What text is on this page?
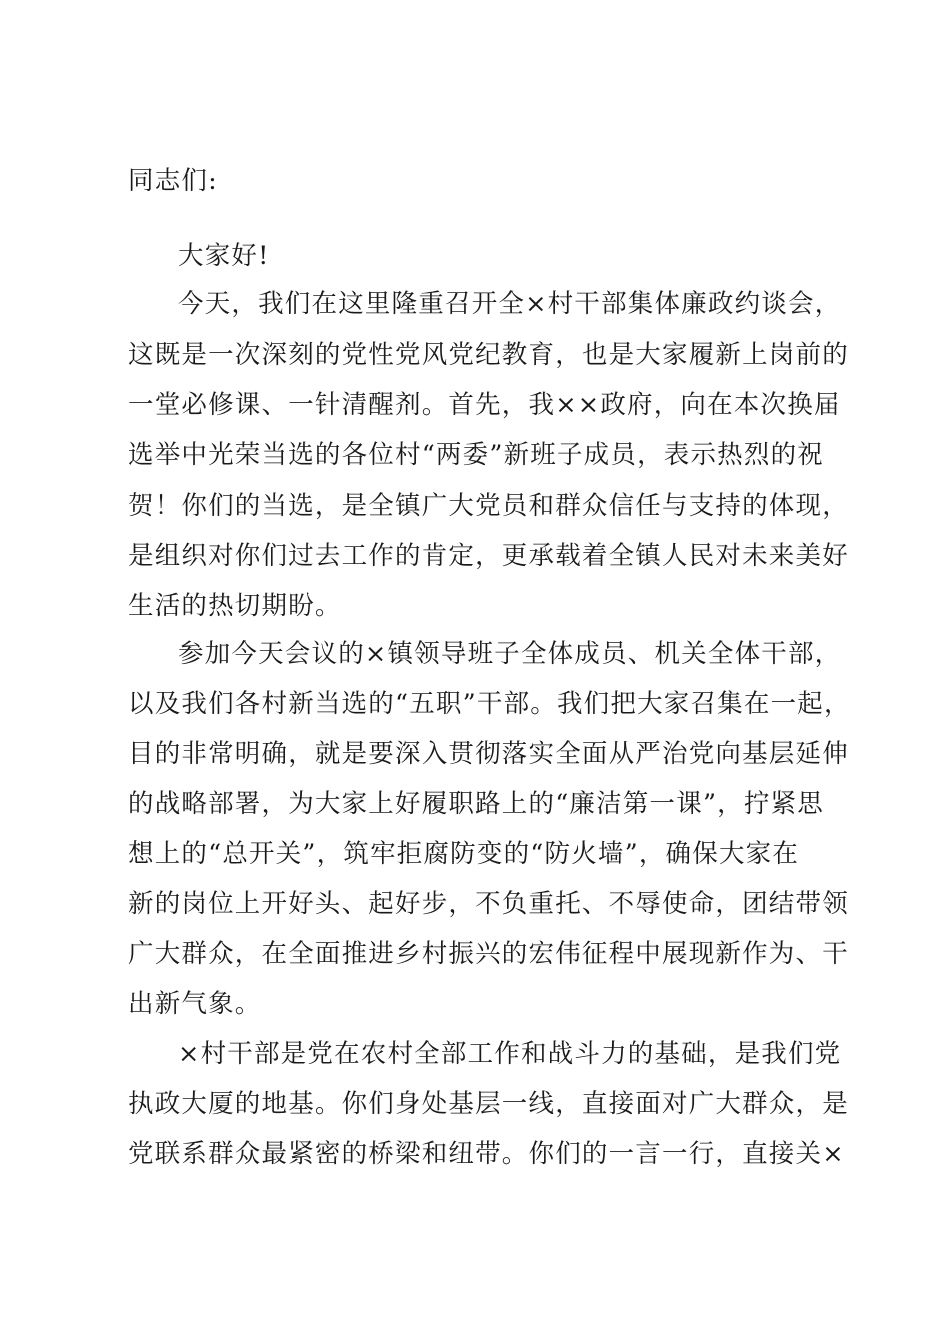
同志们:
大家好!
今天，我们在这里隆重召开全×村干部集体廉政约谈会，
这既是一次深刻的党性党风党纪教育，也是大家履新上岗前的
一堂必修课、一针清醒剂。首先，我××政府，向在本次换届
选举中光荣当选的各位村“两委”新班子成员，表示热烈的祝
贺！你们的当选，是全镇广大党员和群众信任与支持的体现，
是组织对你们过去工作的肯定，更承载着全镇人民对未来美好
生活的热切期盼。
参加今天会议的×镇领导班子全体成员、机关全体干部，
以及我们各村新当选的“五职”干部。我们把大家召集在一起，
目的非常明确，就是要深入贯彻落实全面从严治党向基层延伸
的战略部署，为大家上好履职路上的“廉洁第一课”，拧紧思
想上的“总开关”，筑牢拒腐防变的“防火墙”，确保大家在
新的岗位上开好头、起好步，不负重托、不辱使命，团结带领
广大群众，在全面推进乡村振兴的宏伟征程中展现新作为、干
出新气象。
×村干部是党在农村全部工作和战斗力的基础，是我们党
执政大厦的地基。你们身处基层一线，直接面对广大群众，是
党联系群众最紧密的桥梁和纽带。你们的一言一行，直接关×
